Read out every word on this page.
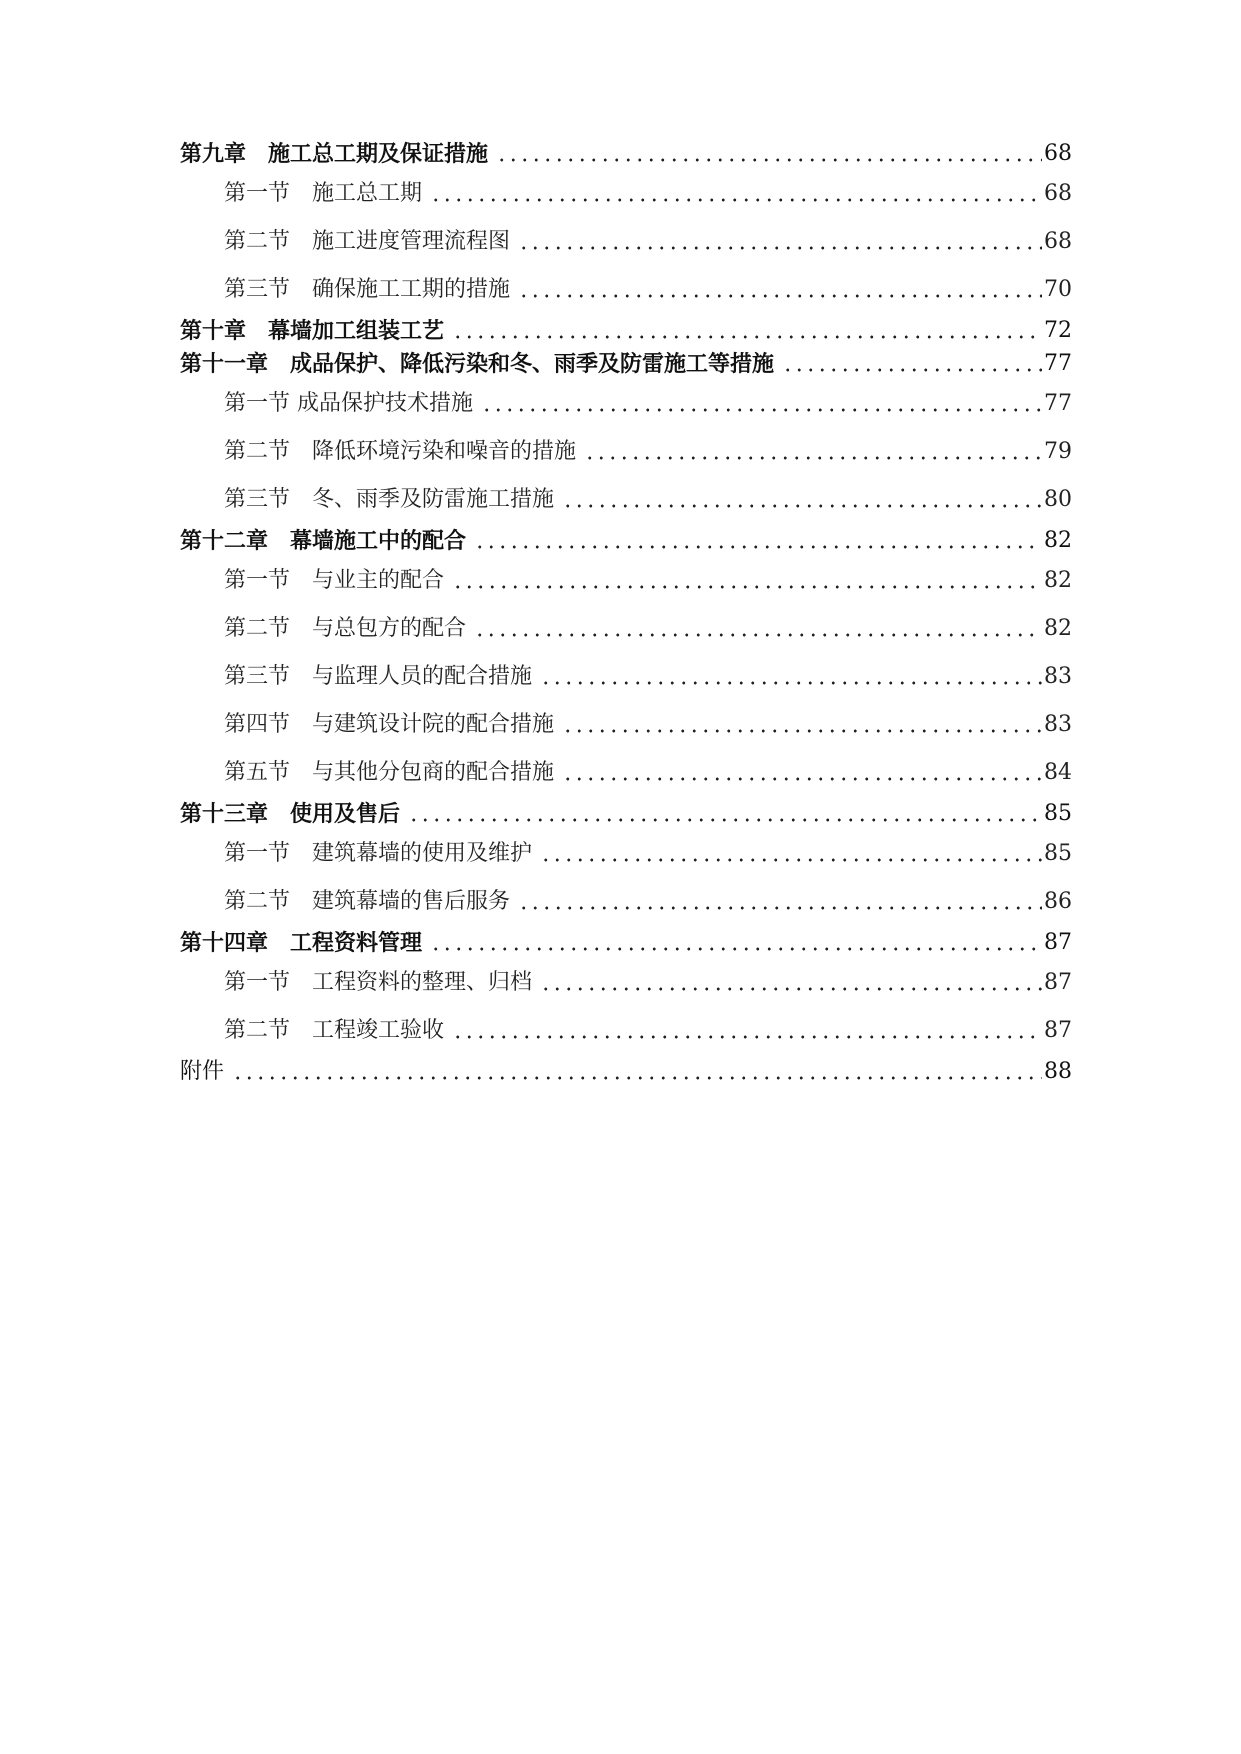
第九章　施工总工期及保证措施	68
第一节　施工总工期	68
第二节　施工进度管理流程图	68
第三节　确保施工工期的措施	70
第十章　幕墙加工组装工艺	72
第十一章　成品保护、降低污染和冬、雨季及防雷施工等措施	77
第一节 成品保护技术措施	77
第二节　降低环境污染和噪音的措施	79
第三节　冬、雨季及防雷施工措施	80
第十二章　幕墙施工中的配合	82
第一节　与业主的配合	82
第二节　与总包方的配合	82
第三节　与监理人员的配合措施	83
第四节　与建筑设计院的配合措施	83
第五节　与其他分包商的配合措施	84
第十三章　使用及售后	85
第一节　建筑幕墙的使用及维护	85
第二节　建筑幕墙的售后服务	86
第十四章　工程资料管理	87
第一节　工程资料的整理、归档	87
第二节　工程竣工验收	87
附件	88
